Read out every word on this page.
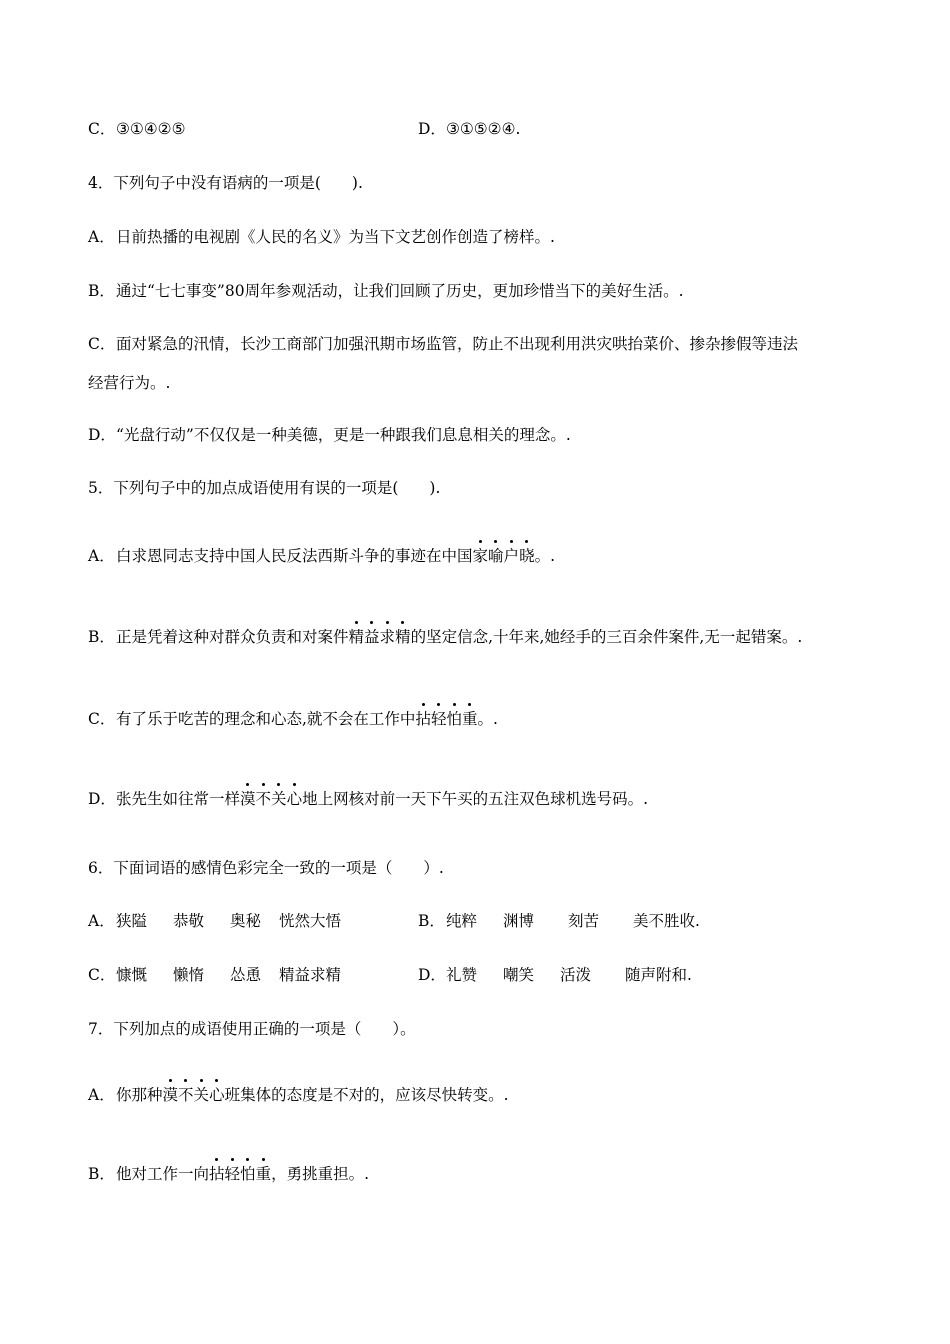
C．③①④②⑤	D．③①⑤②④.
4．下列句子中没有语病的一项是(　　).
A．日前热播的电视剧《人民的名义》为当下文艺创作创造了榜样。.
B．通过“七七事变”80周年参观活动，让我们回顾了历史，更加珍惜当下的美好生活。.
C．面对紧急的汛情，长沙工商部门加强汛期市场监管，防止不出现利用洪灾哄抬菜价、掺杂掺假等违法
经营行为。.
D．“光盘行动”不仅仅是一种美德，更是一种跟我们息息相关的理念。.
5．下列句子中的加点成语使用有误的一项是(　　).
A．白求恩同志支持中国人民反法西斯斗争的事迹在中国家喻户晓。.
B．正是凭着这种对群众负责和对案件精益求精的坚定信念,十年来,她经手的三百余件案件,无一起错案。.
C．有了乐于吃苦的理念和心态,就不会在工作中拈轻怕重。.
D．张先生如往常一样漠不关心地上网核对前一天下午买的五注双色球机选号码。.
6．下面词语的感情色彩完全一致的一项是（　　）.
A．狭隘 恭敬 奥秘 恍然大悟	B．纯粹 渊博 刻苦 美不胜收.
C．慷慨 懒惰 怂恿 精益求精	D．礼赞 嘲笑 活泼 随声附和.
7．下列加点的成语使用正确的一项是（　　）。
A．你那种漠不关心班集体的态度是不对的，应该尽快转变。.
B．他对工作一向拈轻怕重，勇挑重担。.
